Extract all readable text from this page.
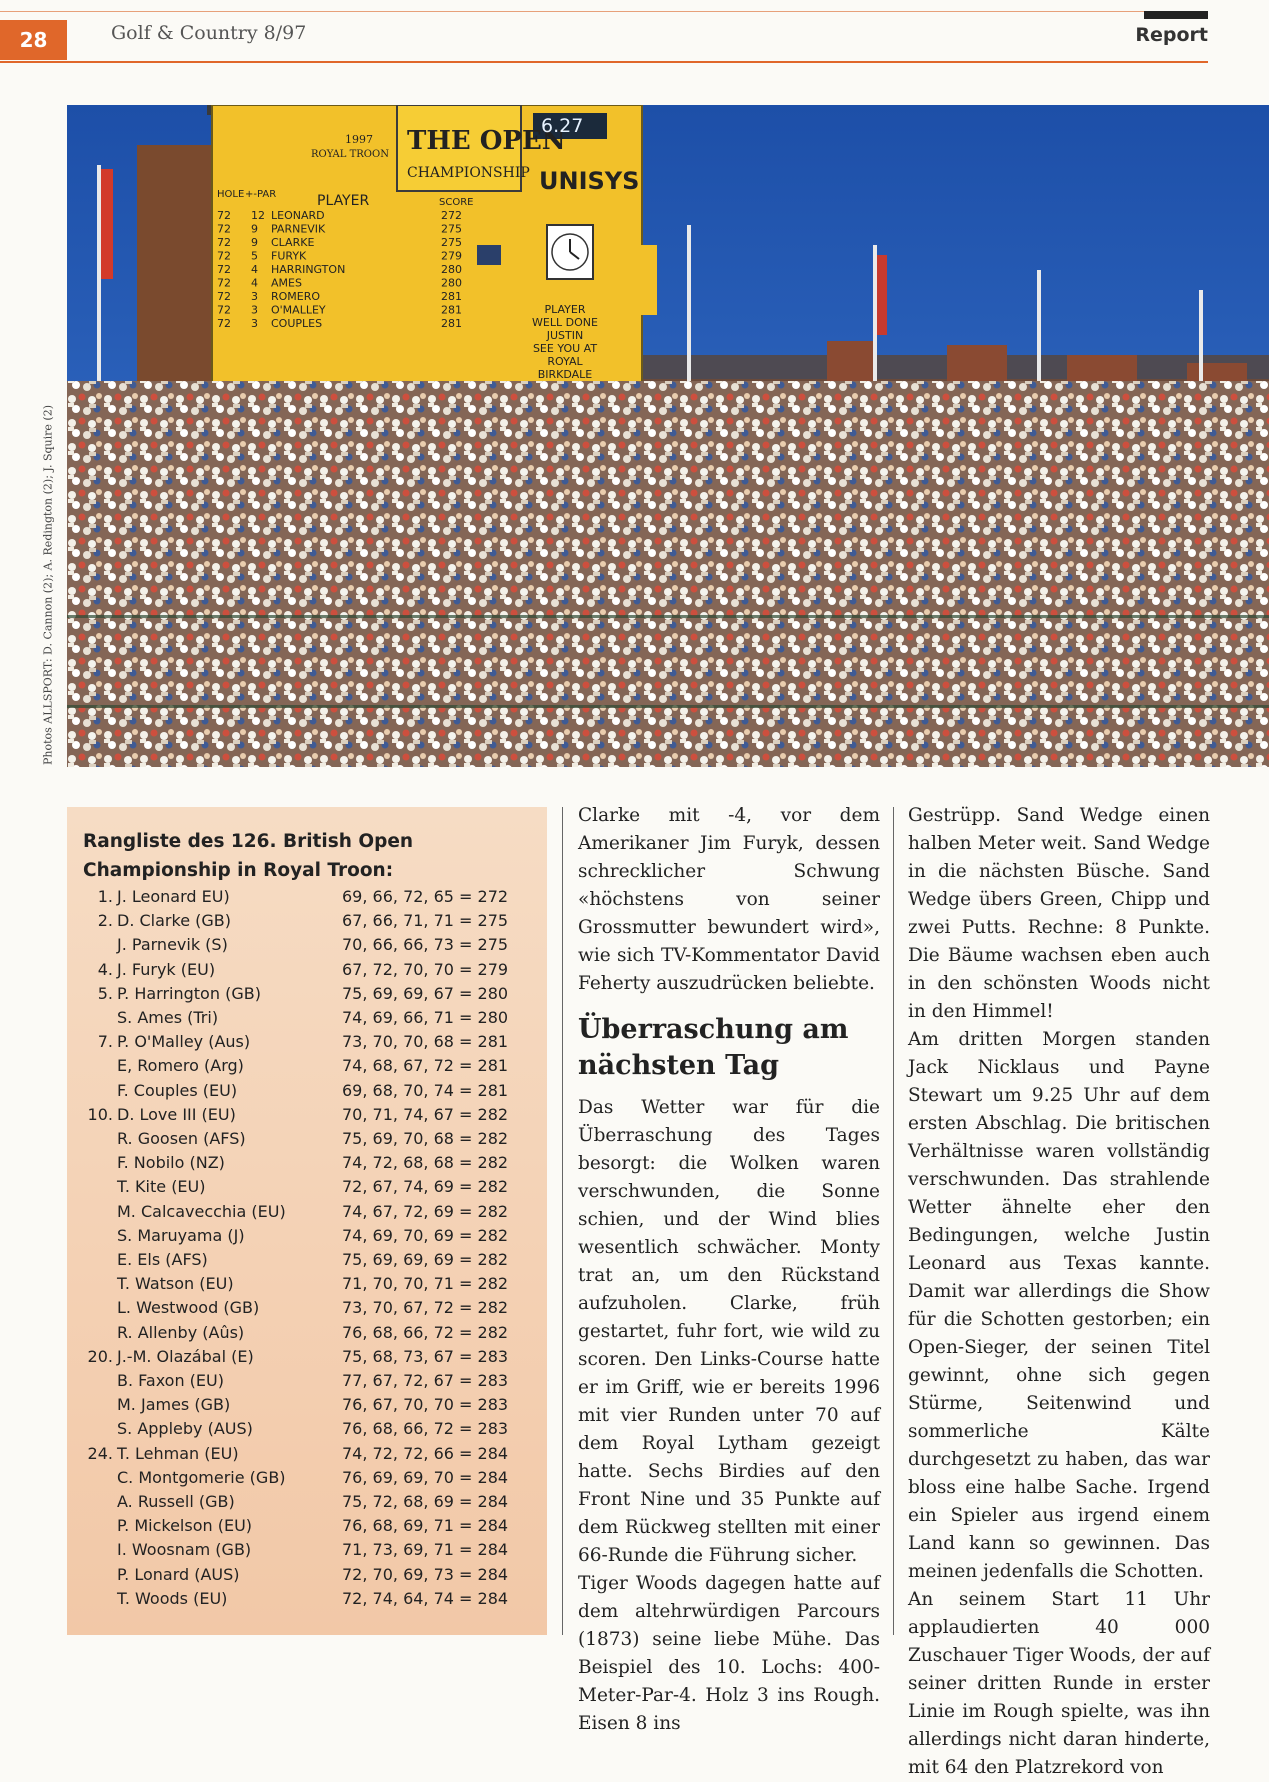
28	Golf & Country 8/97	Report
Photos ALLSPORT: D. Cannon (2); A. Redington (2); J. Squire (2)
1997
ROYAL TROON THE OPEN
CHAMPIONSHIP
6.27
UNISYS
HOLE +-PAR	PLAYER	SCORE
72 12 LEONARD	272
72 9 PARNEVIK	275
72 9 CLARKE	275
72 5 FURYK	279
72 4 HARRINGTON	280
72 4 AMES	280
72 3 ROMERO	281
72 3 O'MALLEY	281
72 3 COUPLES	281
PLAYER
WELL DONE
JUSTIN
SEE YOU AT
ROYAL
BIRKDALE
Rangliste des 126. British Open Championship in Royal Troon:
1. J. Leonard EU)	69, 66, 72, 65 = 272
2. D. Clarke (GB)	67, 66, 71, 71 = 275
J. Parnevik (S)	70, 66, 66, 73 = 275
4. J. Furyk (EU)	67, 72, 70, 70 = 279
5. P. Harrington (GB)	75, 69, 69, 67 = 280
S. Ames (Tri)	74, 69, 66, 71 = 280
7. P. O'Malley (Aus)	73, 70, 70, 68 = 281
E, Romero (Arg)	74, 68, 67, 72 = 281
F. Couples (EU)	69, 68, 70, 74 = 281
10. D. Love III (EU)	70, 71, 74, 67 = 282
R. Goosen (AFS)	75, 69, 70, 68 = 282
F. Nobilo (NZ)	74, 72, 68, 68 = 282
T. Kite (EU)	72, 67, 74, 69 = 282
M. Calcavecchia (EU)	74, 67, 72, 69 = 282
S. Maruyama (J)	74, 69, 70, 69 = 282
E. Els (AFS)	75, 69, 69, 69 = 282
T. Watson (EU)	71, 70, 70, 71 = 282
L. Westwood (GB)	73, 70, 67, 72 = 282
R. Allenby (Aûs)	76, 68, 66, 72 = 282
20. J.-M. Olazábal (E)	75, 68, 73, 67 = 283
B. Faxon (EU)	77, 67, 72, 67 = 283
M. James (GB)	76, 67, 70, 70 = 283
S. Appleby (AUS)	76, 68, 66, 72 = 283
24. T. Lehman (EU)	74, 72, 72, 66 = 284
C. Montgomerie (GB)	76, 69, 69, 70 = 284
A. Russell (GB)	75, 72, 68, 69 = 284
P. Mickelson (EU)	76, 68, 69, 71 = 284
I. Woosnam (GB)	71, 73, 69, 71 = 284
P. Lonard (AUS)	72, 70, 69, 73 = 284
T. Woods (EU)	72, 74, 64, 74 = 284

Clarke mit -4, vor dem Amerikaner Jim Furyk, dessen schrecklicher Schwung «höchstens von seiner Grossmutter bewundert wird», wie sich TV-Kommentator David Feherty auszudrücken beliebte.

Überraschung am nächsten Tag

Das Wetter war für die Überraschung des Tages besorgt: die Wolken waren verschwunden, die Sonne schien, und der Wind blies wesentlich schwächer. Monty trat an, um den Rückstand aufzuholen. Clarke, früh gestartet, fuhr fort, wie wild zu scoren. Den Links-Course hatte er im Griff, wie er bereits 1996 mit vier Runden unter 70 auf dem Royal Lytham gezeigt hatte. Sechs Birdies auf den Front Nine und 35 Punkte auf dem Rückweg stellten mit einer 66-Runde die Führung sicher.

Tiger Woods dagegen hatte auf dem altehrwürdigen Parcours (1873) seine liebe Mühe. Das Beispiel des 10. Lochs: 400-Meter-Par-4. Holz 3 ins Rough. Eisen 8 ins

Gestrüpp. Sand Wedge einen halben Meter weit. Sand Wedge in die nächsten Büsche. Sand Wedge übers Green, Chipp und zwei Putts. Rechne: 8 Punkte. Die Bäume wachsen eben auch in den schönsten Woods nicht in den Himmel!

Am dritten Morgen standen Jack Nicklaus und Payne Stewart um 9.25 Uhr auf dem ersten Abschlag. Die britischen Verhältnisse waren vollständig verschwunden. Das strahlende Wetter ähnelte eher den Bedingungen, welche Justin Leonard aus Texas kannte. Damit war allerdings die Show für die Schotten gestorben; ein Open-Sieger, der seinen Titel gewinnt, ohne sich gegen Stürme, Seitenwind und sommerliche Kälte durchgesetzt zu haben, das war bloss eine halbe Sache. Irgend ein Spieler aus irgend einem Land kann so gewinnen. Das meinen jedenfalls die Schotten.

An seinem Start 11 Uhr applaudierten 40 000 Zuschauer Tiger Woods, der auf seiner dritten Runde in erster Linie im Rough spielte, was ihn allerdings nicht daran hinderte, mit 64 den Platzrekord von
